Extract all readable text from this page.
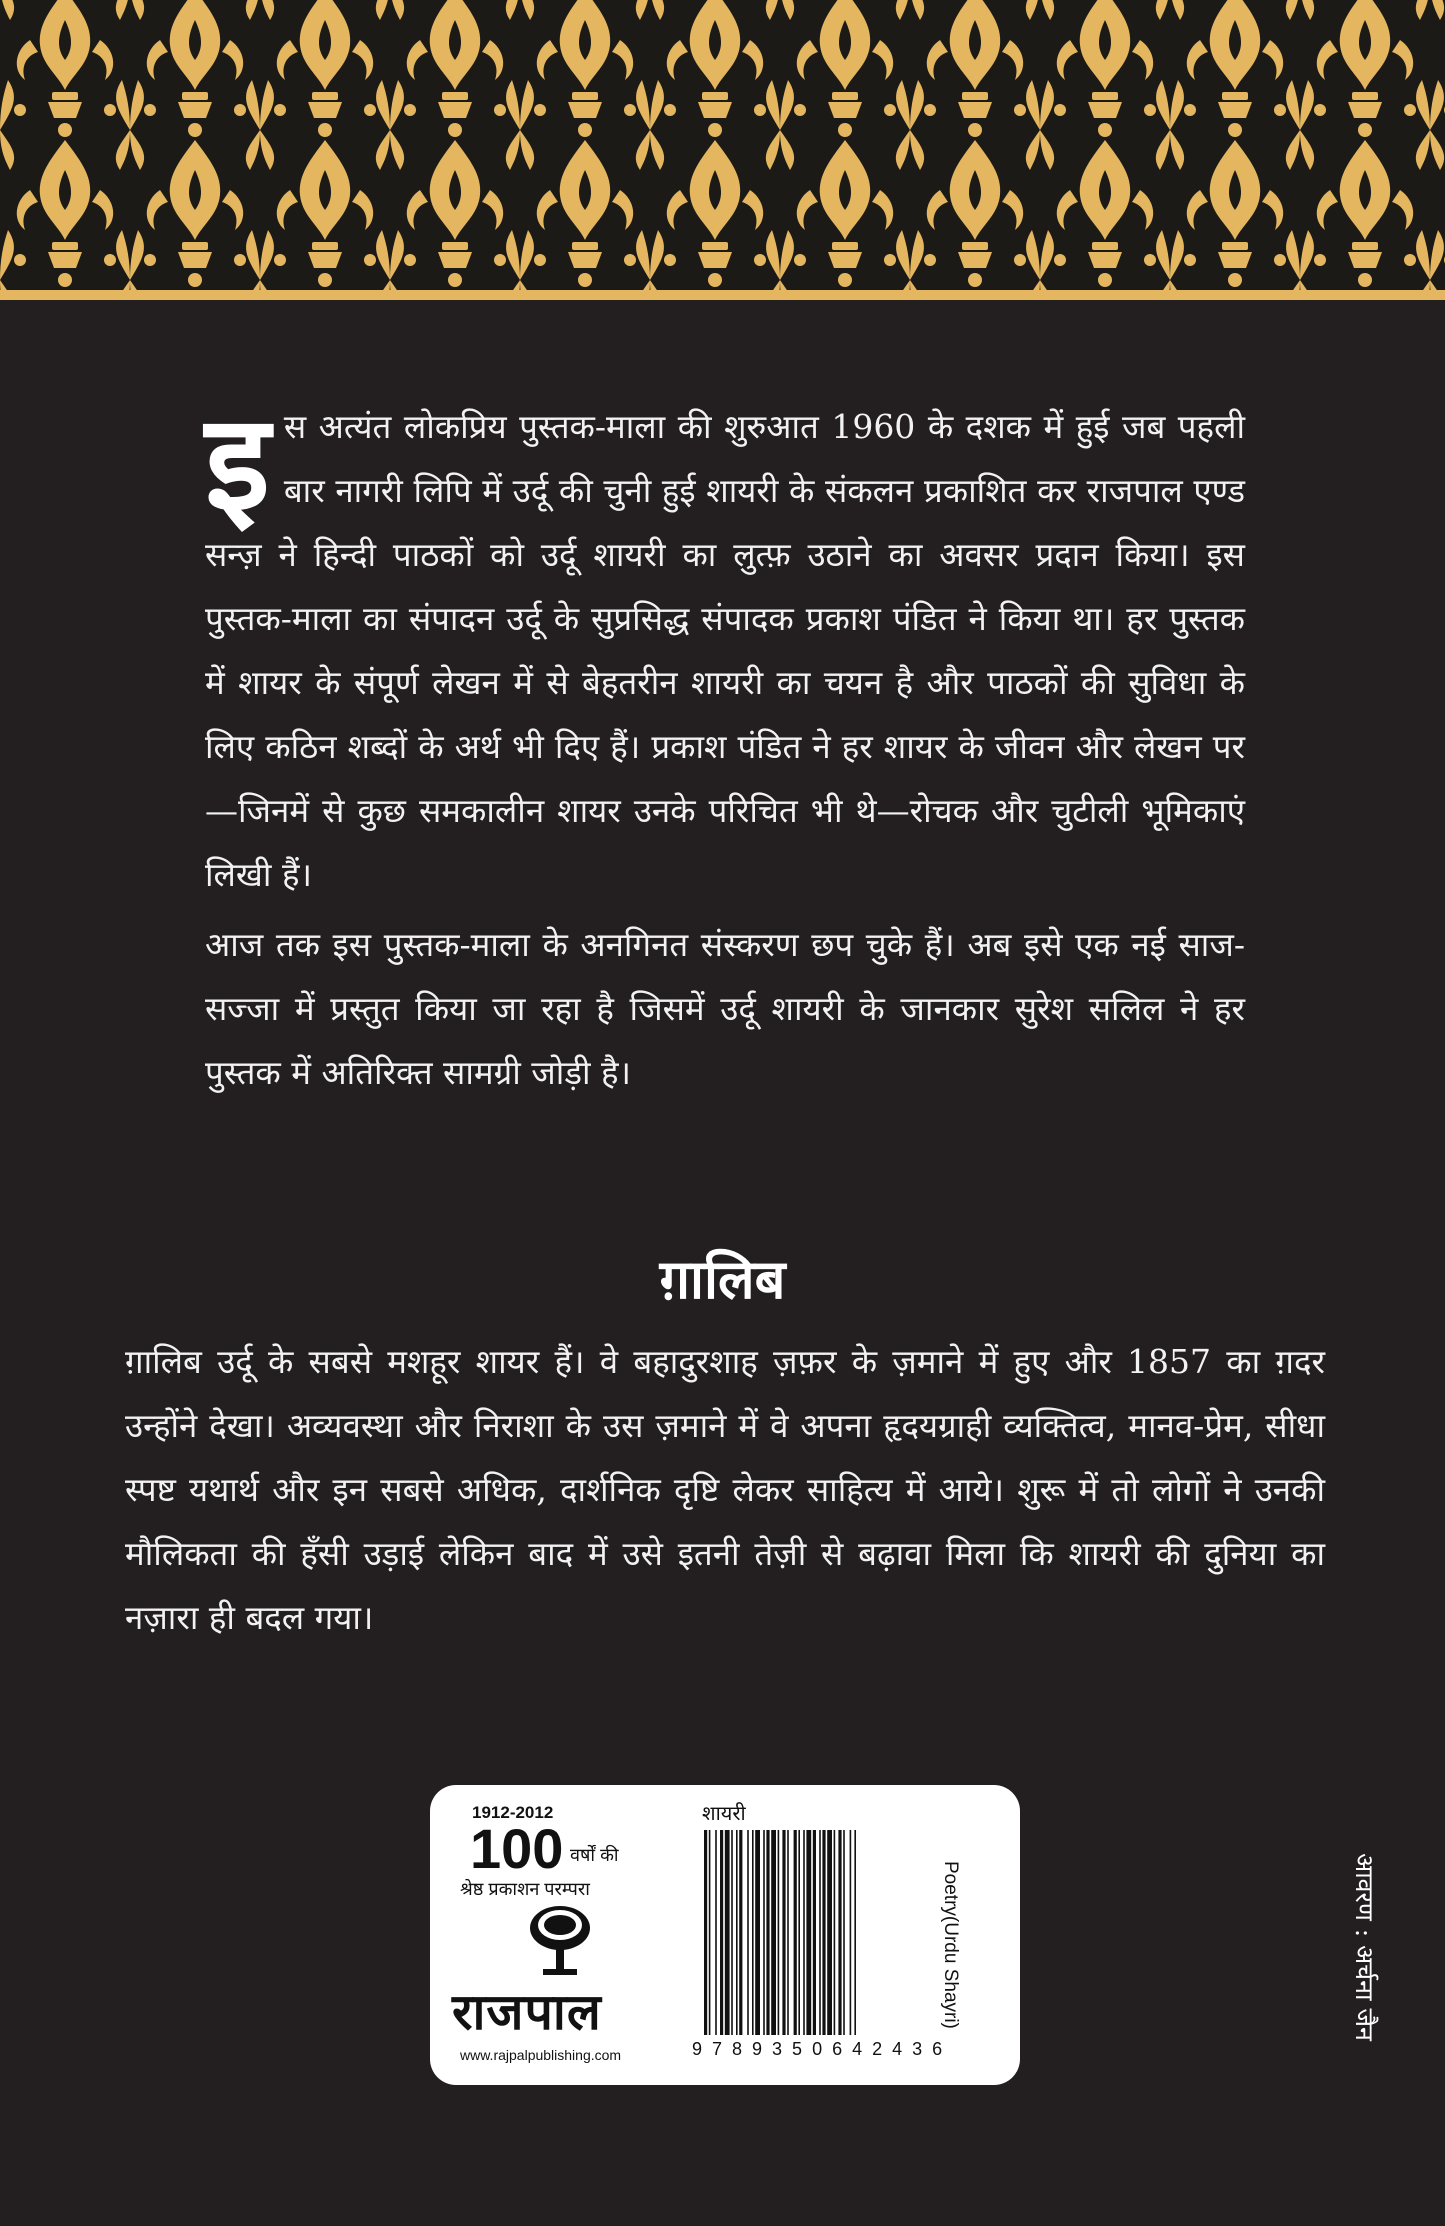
इस अत्यंत लोकप्रिय पुस्तक-माला की शुरुआत 1960 के दशक में हुई जब पहली बार नागरी लिपि में उर्दू की चुनी हुई शायरी के संकलन प्रकाशित कर राजपाल एण्ड सन्ज़ ने हिन्दी पाठकों को उर्दू शायरी का लुत्फ़ उठाने का अवसर प्रदान किया। इस पुस्तक-माला का संपादन उर्दू के सुप्रसिद्ध संपादक प्रकाश पंडित ने किया था। हर पुस्तक में शायर के संपूर्ण लेखन में से बेहतरीन शायरी का चयन है और पाठकों की सुविधा के लिए कठिन शब्दों के अर्थ भी दिए हैं। प्रकाश पंडित ने हर शायर के जीवन और लेखन पर—जिनमें से कुछ समकालीन शायर उनके परिचित भी थे—रोचक और चुटीली भूमिकाएं लिखी हैं।

आज तक इस पुस्तक-माला के अनगिनत संस्करण छप चुके हैं। अब इसे एक नई साज-सज्जा में प्रस्तुत किया जा रहा है जिसमें उर्दू शायरी के जानकार सुरेश सलिल ने हर पुस्तक में अतिरिक्त सामग्री जोड़ी है।

ग़ालिब

ग़ालिब उर्दू के सबसे मशहूर शायर हैं। वे बहादुरशाह ज़फ़र के ज़माने में हुए और 1857 का ग़दर उन्होंने देखा। अव्यवस्था और निराशा के उस ज़माने में वे अपना हृदयग्राही व्यक्तित्व, मानव-प्रेम, सीधा स्पष्ट यथार्थ और इन सबसे अधिक, दार्शनिक दृष्टि लेकर साहित्य में आये। शुरू में तो लोगों ने उनकी मौलिकता की हँसी उड़ाई लेकिन बाद में उसे इतनी तेज़ी से बढ़ावा मिला कि शायरी की दुनिया का नज़ारा ही बदल गया।

1912-2012
100 वर्षों की
श्रेष्ठ प्रकाशन परम्परा
राजपाल
www.rajpalpublishing.com
शायरी
9789350642436
Poetry(Urdu Shayri)	आवरण : अर्चना जैन
